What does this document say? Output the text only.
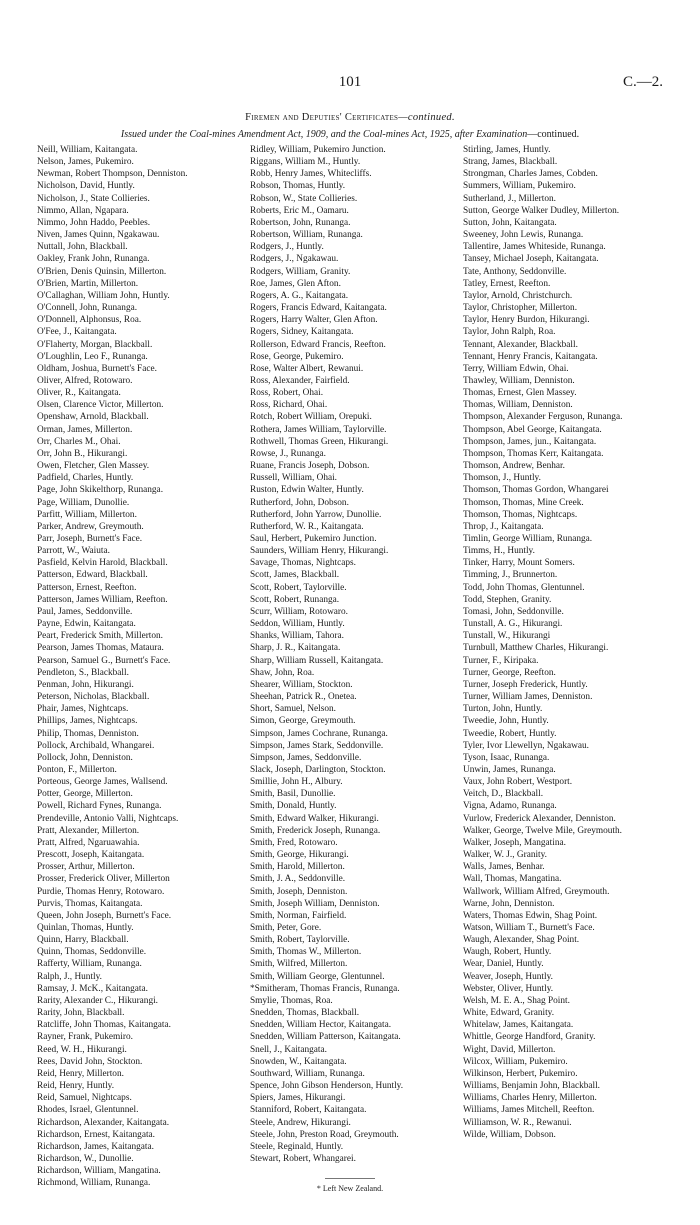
101	C.—2.
Firemen and Deputies' Certificates—continued.
Issued under the Coal-mines Amendment Act, 1909, and the Coal-mines Act, 1925, after Examination—continued.
Neill, William, Kaitangata.
Nelson, James, Pukemiro.
Newman, Robert Thompson, Denniston.
Nicholson, David, Huntly.
Nicholson, J., State Collieries.
Nimmo, Allan, Ngapara.
Nimmo, John Haddo, Peebles.
Niven, James Quinn, Ngakawau.
Nuttall, John, Blackball.
Oakley, Frank John, Runanga.
O'Brien, Denis Quinsin, Millerton.
O'Brien, Martin, Millerton.
O'Callaghan, William John, Huntly.
O'Connell, John, Runanga.
O'Donnell, Alphonsus, Roa.
O'Fee, J., Kaitangata.
O'Flaherty, Morgan, Blackball.
O'Loughlin, Leo F., Runanga.
Oldham, Joshua, Burnett's Face.
Oliver, Alfred, Rotowaro.
Oliver, R., Kaitangata.
Olsen, Clarence Victor, Millerton.
Openshaw, Arnold, Blackball.
Orman, James, Millerton.
Orr, Charles M., Ohai.
Orr, John B., Hikurangi.
Owen, Fletcher, Glen Massey.
Padfield, Charles, Huntly.
Page, John Skikelthorp, Runanga.
Page, William, Dunollie.
Parfitt, William, Millerton.
Parker, Andrew, Greymouth.
Parr, Joseph, Burnett's Face.
Parrott, W., Waiuta.
Pasfield, Kelvin Harold, Blackball.
Patterson, Edward, Blackball.
Patterson, Ernest, Reefton.
Patterson, James William, Reefton.
Paul, James, Seddonville.
Payne, Edwin, Kaitangata.
Peart, Frederick Smith, Millerton.
Pearson, James Thomas, Mataura.
Pearson, Samuel G., Burnett's Face.
Pendleton, S., Blackball.
Penman, John, Hikurangi.
Peterson, Nicholas, Blackball.
Phair, James, Nightcaps.
Phillips, James, Nightcaps.
Philip, Thomas, Denniston.
Pollock, Archibald, Whangarei.
Pollock, John, Denniston.
Ponton, F., Millerton.
Porteous, George James, Wallsend.
Potter, George, Millerton.
Powell, Richard Fynes, Runanga.
Prendeville, Antonio Valli, Nightcaps.
Pratt, Alexander, Millerton.
Pratt, Alfred, Ngaruawahia.
Prescott, Joseph, Kaitangata.
Prosser, Arthur, Millerton.
Prosser, Frederick Oliver, Millerton
Purdie, Thomas Henry, Rotowaro.
Purvis, Thomas, Kaitangata.
Queen, John Joseph, Burnett's Face.
Quinlan, Thomas, Huntly.
Quinn, Harry, Blackball.
Quinn, Thomas, Seddonville.
Rafferty, William, Runanga.
Ralph, J., Huntly.
Ramsay, J. McK., Kaitangata.
Rarity, Alexander C., Hikurangi.
Rarity, John, Blackball.
Ratcliffe, John Thomas, Kaitangata.
Rayner, Frank, Pukemiro.
Reed, W. H., Hikurangi.
Rees, David John, Stockton.
Reid, Henry, Millerton.
Reid, Henry, Huntly.
Reid, Samuel, Nightcaps.
Rhodes, Israel, Glentunnel.
Richardson, Alexander, Kaitangata.
Richardson, Ernest, Kaitangata.
Richardson, James, Kaitangata.
Richardson, W., Dunollie.
Richardson, William, Mangatina.
Richmond, William, Runanga.
Ridley, William, Pukemiro Junction.
Riggans, William M., Huntly.
Robb, Henry James, Whitecliffs.
Robson, Thomas, Huntly.
Robson, W., State Collieries.
Roberts, Eric M., Oamaru.
Robertson, John, Runanga.
Robertson, William, Runanga.
Rodgers, J., Huntly.
Rodgers, J., Ngakawau.
Rodgers, William, Granity.
Roe, James, Glen Afton.
Rogers, A. G., Kaitangata.
Rogers, Francis Edward, Kaitangata.
Rogers, Harry Walter, Glen Afton.
Rogers, Sidney, Kaitangata.
Rollerson, Edward Francis, Reefton.
Rose, George, Pukemiro.
Rose, Walter Albert, Rewanui.
Ross, Alexander, Fairfield.
Ross, Robert, Ohai.
Ross, Richard, Ohai.
Rotch, Robert William, Orepuki.
Rothera, James William, Taylorville.
Rothwell, Thomas Green, Hikurangi.
Rowse, J., Runanga.
Ruane, Francis Joseph, Dobson.
Russell, William, Ohai.
Ruston, Edwin Walter, Huntly.
Rutherford, John, Dobson.
Rutherford, John Yarrow, Dunollie.
Rutherford, W. R., Kaitangata.
Saul, Herbert, Pukemiro Junction.
Saunders, William Henry, Hikurangi.
Savage, Thomas, Nightcaps.
Scott, James, Blackball.
Scott, Robert, Taylorville.
Scott, Robert, Runanga.
Scurr, William, Rotowaro.
Seddon, William, Huntly.
Shanks, William, Tahora.
Sharp, J. R., Kaitangata.
Sharp, William Russell, Kaitangata.
Shaw, John, Roa.
Shearer, William, Stockton.
Sheehan, Patrick R., Onetea.
Short, Samuel, Nelson.
Simon, George, Greymouth.
Simpson, James Cochrane, Runanga.
Simpson, James Stark, Seddonville.
Simpson, James, Seddonville.
Slack, Joseph, Darlington, Stockton.
Smillie, John H., Albury.
Smith, Basil, Dunollie.
Smith, Donald, Huntly.
Smith, Edward Walker, Hikurangi.
Smith, Frederick Joseph, Runanga.
Smith, Fred, Rotowaro.
Smith, George, Hikurangi.
Smith, Harold, Millerton.
Smith, J. A., Seddonville.
Smith, Joseph, Denniston.
Smith, Joseph William, Denniston.
Smith, Norman, Fairfield.
Smith, Peter, Gore.
Smith, Robert, Taylorville.
Smith, Thomas W., Millerton.
Smith, Wilfred, Millerton.
Smith, William George, Glentunnel.
*Smitheram, Thomas Francis, Runanga.
Smylie, Thomas, Roa.
Snedden, Thomas, Blackball.
Snedden, William Hector, Kaitangata.
Snedden, William Patterson, Kaitangata.
Snell, J., Kaitangata.
Snowden, W., Kaitangata.
Southward, William, Runanga.
Spence, John Gibson Henderson, Huntly.
Spiers, James, Hikurangi.
Stanniford, Robert, Kaitangata.
Steele, Andrew, Hikurangi.
Steele, John, Preston Road, Greymouth.
Steele, Reginald, Huntly.
Stewart, Robert, Whangarei.
Stirling, James, Huntly.
Strang, James, Blackball.
Strongman, Charles James, Cobden.
Summers, William, Pukemiro.
Sutherland, J., Millerton.
Sutton, George Walker Dudley, Millerton.
Sutton, John, Kaitangata.
Sweeney, John Lewis, Runanga.
Tallentire, James Whiteside, Runanga.
Tansey, Michael Joseph, Kaitangata.
Tate, Anthony, Seddonville.
Tatley, Ernest, Reefton.
Taylor, Arnold, Christchurch.
Taylor, Christopher, Millerton.
Taylor, Henry Burdon, Hikurangi.
Taylor, John Ralph, Roa.
Tennant, Alexander, Blackball.
Tennant, Henry Francis, Kaitangata.
Terry, William Edwin, Ohai.
Thawley, William, Denniston.
Thomas, Ernest, Glen Massey.
Thomas, William, Denniston.
Thompson, Alexander Ferguson, Runanga.
Thompson, Abel George, Kaitangata.
Thompson, James, jun., Kaitangata.
Thompson, Thomas Kerr, Kaitangata.
Thomson, Andrew, Benhar.
Thomson, J., Huntly.
Thomson, Thomas Gordon, Whangarei
Thomson, Thomas, Mine Creek.
Thomson, Thomas, Nightcaps.
Throp, J., Kaitangata.
Timlin, George William, Runanga.
Timms, H., Huntly.
Tinker, Harry, Mount Somers.
Timming, J., Brunnerton.
Todd, John Thomas, Glentunnel.
Todd, Stephen, Granity.
Tomasi, John, Seddonville.
Tunstall, A. G., Hikurangi.
Tunstall, W., Hikurangi
Turnbull, Matthew Charles, Hikurangi.
Turner, F., Kiripaka.
Turner, George, Reefton.
Turner, Joseph Frederick, Huntly.
Turner, William James, Denniston.
Turton, John, Huntly.
Tweedie, John, Huntly.
Tweedie, Robert, Huntly.
Tyler, Ivor Llewellyn, Ngakawau.
Tyson, Isaac, Runanga.
Unwin, James, Runanga.
Vaux, John Robert, Westport.
Veitch, D., Blackball.
Vigna, Adamo, Runanga.
Vurlow, Frederick Alexander, Denniston.
Walker, George, Twelve Mile, Greymouth.
Walker, Joseph, Mangatina.
Walker, W. J., Granity.
Walls, James, Benhar.
Wall, Thomas, Mangatina.
Wallwork, William Alfred, Greymouth.
Warne, John, Denniston.
Waters, Thomas Edwin, Shag Point.
Watson, William T., Burnett's Face.
Waugh, Alexander, Shag Point.
Waugh, Robert, Huntly.
Wear, Daniel, Huntly.
Weaver, Joseph, Huntly.
Webster, Oliver, Huntly.
Welsh, M. E. A., Shag Point.
White, Edward, Granity.
Whitelaw, James, Kaitangata.
Whittle, George Handford, Granity.
Wight, David, Millerton.
Wilcox, William, Pukemiro.
Wilkinson, Herbert, Pukemiro.
Williams, Benjamin John, Blackball.
Williams, Charles Henry, Millerton.
Williams, James Mitchell, Reefton.
Williamson, W. R., Rewanui.
Wilde, William, Dobson.
* Left New Zealand.
